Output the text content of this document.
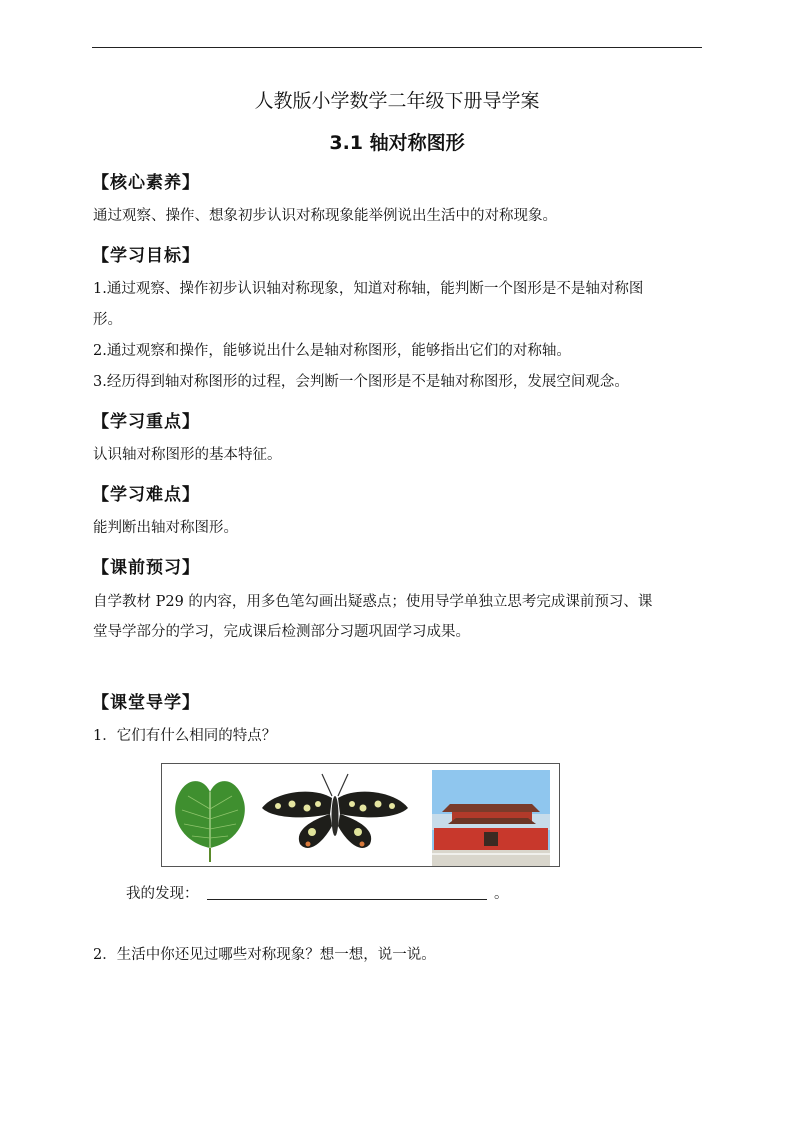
人教版小学数学二年级下册导学案
3.1 轴对称图形
【核心素养】
通过观察、操作、想象初步认识对称现象能举例说出生活中的对称现象。
【学习目标】
1.通过观察、操作初步认识轴对称现象，知道对称轴，能判断一个图形是不是轴对称图
形。
2.通过观察和操作，能够说出什么是轴对称图形，能够指出它们的对称轴。
3.经历得到轴对称图形的过程，会判断一个图形是不是轴对称图形，发展空间观念。
【学习重点】
认识轴对称图形的基本特征。
【学习难点】
能判断出轴对称图形。
【课前预习】
自学教材 P29 的内容，用多色笔勾画出疑惑点；使用导学单独立思考完成课前预习、课
堂导学部分的学习，完成课后检测部分习题巩固学习成果。
【课堂导学】
1．它们有什么相同的特点？
我的发现：	。
2．生活中你还见过哪些对称现象？想一想，说一说。
